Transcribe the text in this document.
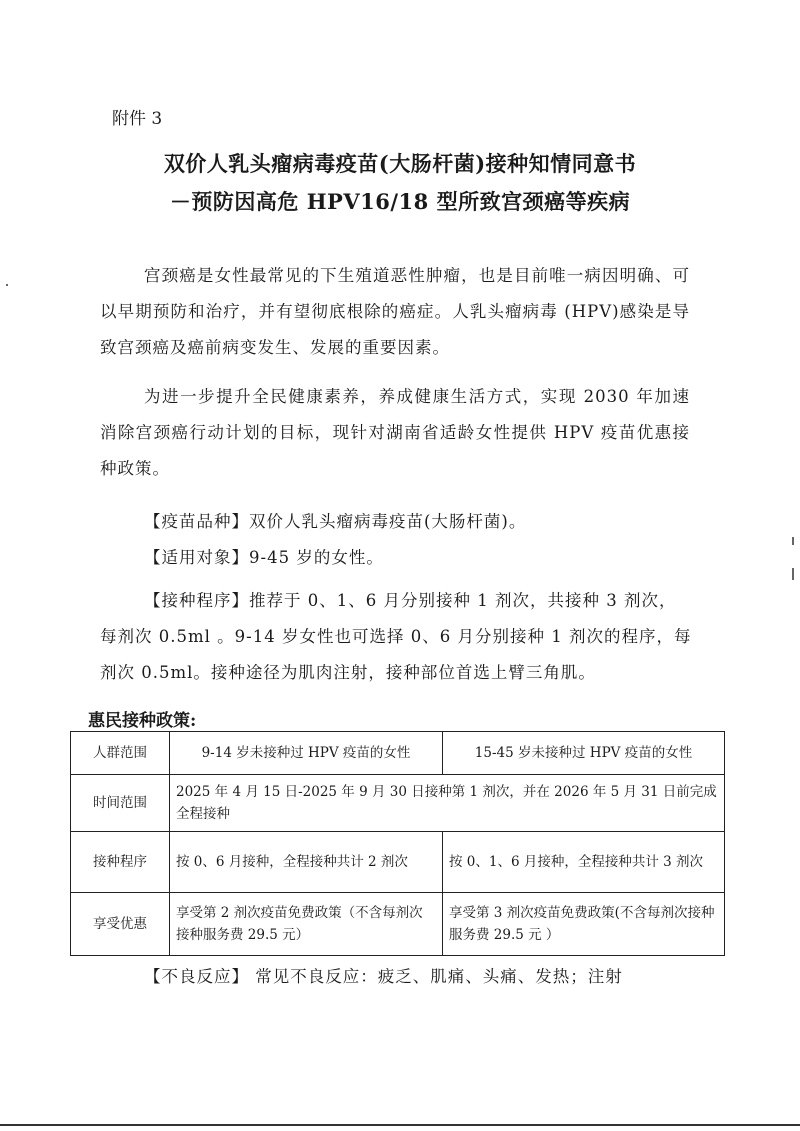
附件 3
双价人乳头瘤病毒疫苗(大肠杆菌)接种知情同意书
－预防因高危 HPV16/18 型所致宫颈癌等疾病
宫颈癌是女性最常见的下生殖道恶性肿瘤，也是目前唯一病因明确、可以早期预防和治疗，并有望彻底根除的癌症。人乳头瘤病毒 (HPV)感染是导致宫颈癌及癌前病变发生、发展的重要因素。
为进一步提升全民健康素养，养成健康生活方式，实现 2030 年加速消除宫颈癌行动计划的目标，现针对湖南省适龄女性提供 HPV 疫苗优惠接种政策。
【疫苗品种】双价人乳头瘤病毒疫苗(大肠杆菌)。
【适用对象】9-45 岁的女性。
【接种程序】推荐于 0、1、6 月分别接种 1 剂次，共接种 3 剂次，
每剂次 0.5ml 。9-14 岁女性也可选择 0、6 月分别接种 1 剂次的程序，每剂次 0.5ml。接种途径为肌肉注射，接种部位首选上臂三角肌。
惠民接种政策:
人群范围	9-14 岁未接种过 HPV 疫苗的女性	15-45 岁未接种过 HPV 疫苗的女性
时间范围	2025 年 4 月 15 日-2025 年 9 月 30 日接种第 1 剂次，并在 2026 年 5 月 31 日前完成全程接种	
接种程序	按 0、6 月接种，全程接种共计 2 剂次	按 0、1、6 月接种，全程接种共计 3 剂次
享受优惠	享受第 2 剂次疫苗免费政策（不含每剂次接种服务费 29.5 元）	享受第 3 剂次疫苗免费政策(不含每剂次接种服务费 29.5 元 ）
【不良反应】 常见不良反应：疲乏、肌痛、头痛、发热；注射
